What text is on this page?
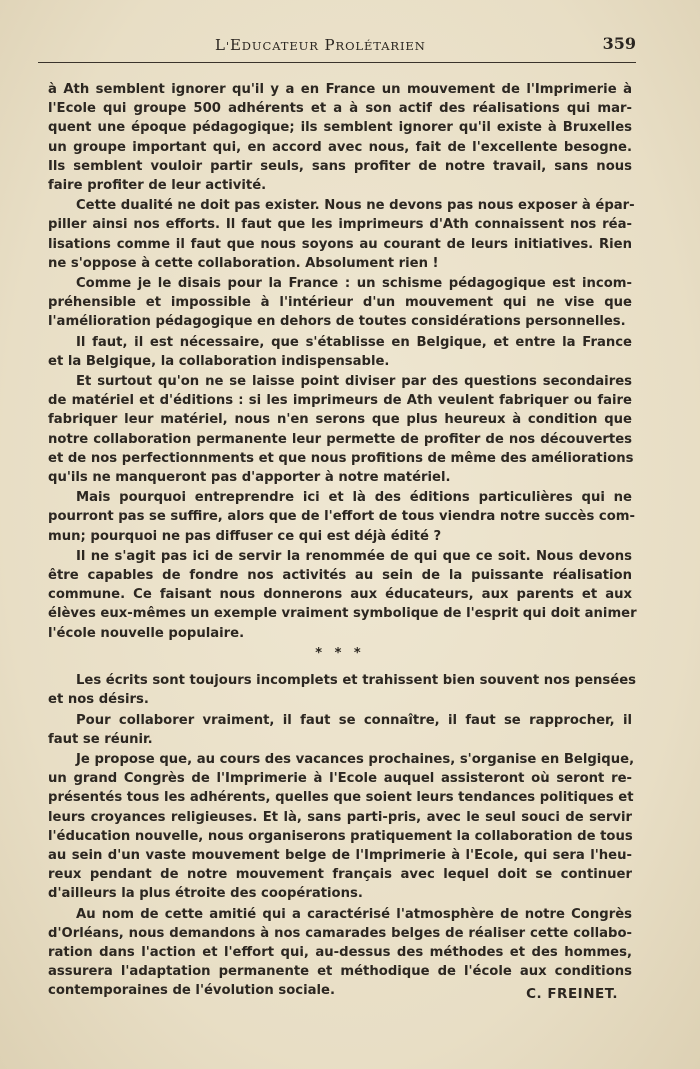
L'EDUCATEUR PROLÉTARIEN	359
à Ath semblent ignorer qu'il y a en France un mouvement de l'Imprimerie à
l'Ecole qui groupe 500 adhérents et a à son actif des réalisations qui mar-
quent une époque pédagogique; ils semblent ignorer qu'il existe à Bruxelles
un groupe important qui, en accord avec nous, fait de l'excellente besogne.
Ils semblent vouloir partir seuls, sans profiter de notre travail, sans nous
faire profiter de leur activité.
Cette dualité ne doit pas exister. Nous ne devons pas nous exposer à épar-
piller ainsi nos efforts. Il faut que les imprimeurs d'Ath connaissent nos réa-
lisations comme il faut que nous soyons au courant de leurs initiatives. Rien
ne s'oppose à cette collaboration. Absolument rien !
Comme je le disais pour la France : un schisme pédagogique est incom-
préhensible et impossible à l'intérieur d'un mouvement qui ne vise que
l'amélioration pédagogique en dehors de toutes considérations personnelles.
Il faut, il est nécessaire, que s'établisse en Belgique, et entre la France
et la Belgique, la collaboration indispensable.
Et surtout qu'on ne se laisse point diviser par des questions secondaires
de matériel et d'éditions : si les imprimeurs de Ath veulent fabriquer ou faire
fabriquer leur matériel, nous n'en serons que plus heureux à condition que
notre collaboration permanente leur permette de profiter de nos découvertes
et de nos perfectionnments et que nous profitions de même des améliorations
qu'ils ne manqueront pas d'apporter à notre matériel.
Mais pourquoi entreprendre ici et là des éditions particulières qui ne
pourront pas se suffire, alors que de l'effort de tous viendra notre succès com-
mun; pourquoi ne pas diffuser ce qui est déjà édité ?
Il ne s'agit pas ici de servir la renommée de qui que ce soit. Nous devons
être capables de fondre nos activités au sein de la puissante réalisation
commune. Ce faisant nous donnerons aux éducateurs, aux parents et aux
élèves eux-mêmes un exemple vraiment symbolique de l'esprit qui doit animer
l'école nouvelle populaire.
* * *
Les écrits sont toujours incomplets et trahissent bien souvent nos pensées
et nos désirs.
Pour collaborer vraiment, il faut se connaître, il faut se rapprocher, il
faut se réunir.
Je propose que, au cours des vacances prochaines, s'organise en Belgique,
un grand Congrès de l'Imprimerie à l'Ecole auquel assisteront où seront re-
présentés tous les adhérents, quelles que soient leurs tendances politiques et
leurs croyances religieuses. Et là, sans parti-pris, avec le seul souci de servir
l'éducation nouvelle, nous organiserons pratiquement la collaboration de tous
au sein d'un vaste mouvement belge de l'Imprimerie à l'Ecole, qui sera l'heu-
reux pendant de notre mouvement français avec lequel doit se continuer
d'ailleurs la plus étroite des coopérations.
Au nom de cette amitié qui a caractérisé l'atmosphère de notre Congrès
d'Orléans, nous demandons à nos camarades belges de réaliser cette collabo-
ration dans l'action et l'effort qui, au-dessus des méthodes et des hommes,
assurera l'adaptation permanente et méthodique de l'école aux conditions
contemporaines de l'évolution sociale.	C. FREINET.
